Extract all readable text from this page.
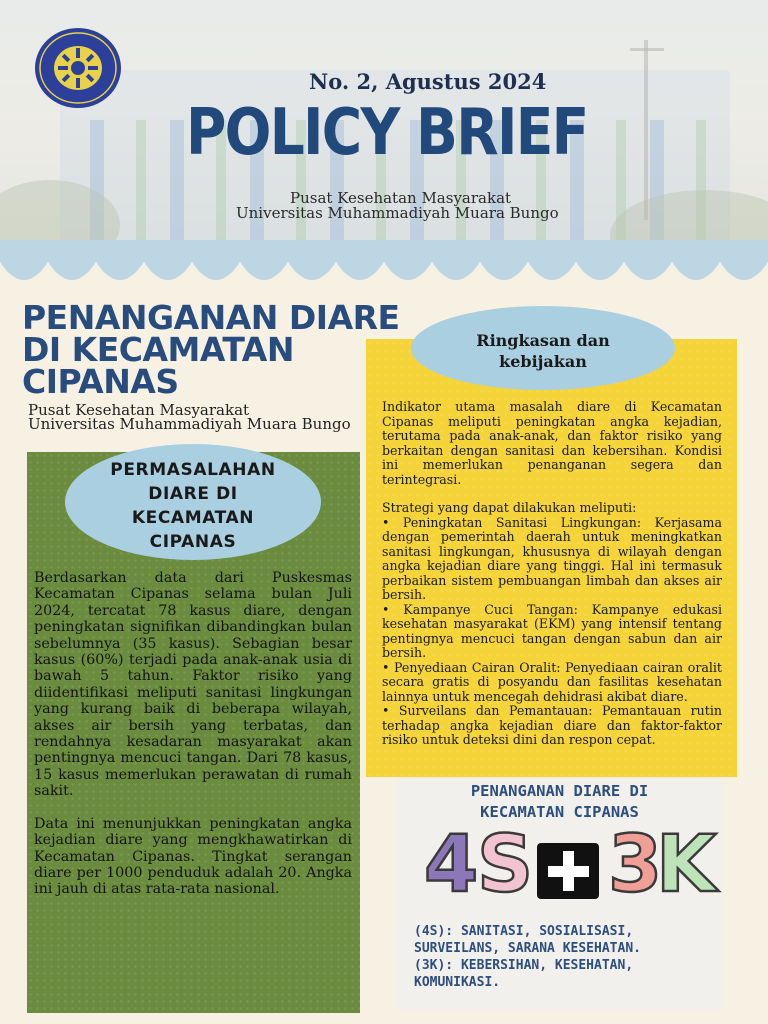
No. 2, Agustus 2024
POLICY BRIEF
Pusat Kesehatan Masyarakat
Universitas Muhammadiyah Muara Bungo
PENANGANAN DIARE
DI KECAMATAN
CIPANAS
Pusat Kesehatan Masyarakat
Universitas Muhammadiyah Muara Bungo
PERMASALAHAN
DIARE DI
KECAMATAN
CIPANAS

Berdasarkan data dari Puskesmas Kecamatan Cipanas selama bulan Juli 2024, tercatat 78 kasus diare, dengan peningkatan signifikan dibandingkan bulan sebelumnya (35 kasus). Sebagian besar kasus (60%) terjadi pada anak-anak usia di bawah 5 tahun. Faktor risiko yang diidentifikasi meliputi sanitasi lingkungan yang kurang baik di beberapa wilayah, akses air bersih yang terbatas, dan rendahnya kesadaran masyarakat akan pentingnya mencuci tangan. Dari 78 kasus, 15 kasus memerlukan perawatan di rumah sakit.

Data ini menunjukkan peningkatan angka kejadian diare yang mengkhawatirkan di Kecamatan Cipanas. Tingkat serangan diare per 1000 penduduk adalah 20. Angka ini jauh di atas rata-rata nasional.

Ringkasan dan
kebijakan

Indikator utama masalah diare di Kecamatan Cipanas meliputi peningkatan angka kejadian, terutama pada anak-anak, dan faktor risiko yang berkaitan dengan sanitasi dan kebersihan. Kondisi ini memerlukan penanganan segera dan terintegrasi.

Strategi yang dapat dilakukan meliputi:
• Peningkatan Sanitasi Lingkungan: Kerjasama dengan pemerintah daerah untuk meningkatkan sanitasi lingkungan, khususnya di wilayah dengan angka kejadian diare yang tinggi. Hal ini termasuk perbaikan sistem pembuangan limbah dan akses air bersih.
• Kampanye Cuci Tangan: Kampanye edukasi kesehatan masyarakat (EKM) yang intensif tentang pentingnya mencuci tangan dengan sabun dan air bersih.
• Penyediaan Cairan Oralit: Penyediaan cairan oralit secara gratis di posyandu dan fasilitas kesehatan lainnya untuk mencegah dehidrasi akibat diare.
• Surveilans dan Pemantauan: Pemantauan rutin terhadap angka kejadian diare dan faktor-faktor risiko untuk deteksi dini dan respon cepat.
PENANGANAN DIARE DI
KECAMATAN CIPANAS
4
S 3
K
(4S): SANITASI, SOSIALISASI,
SURVEILANS, SARANA KESEHATAN.
(3K): KEBERSIHAN, KESEHATAN,
KOMUNIKASI.
